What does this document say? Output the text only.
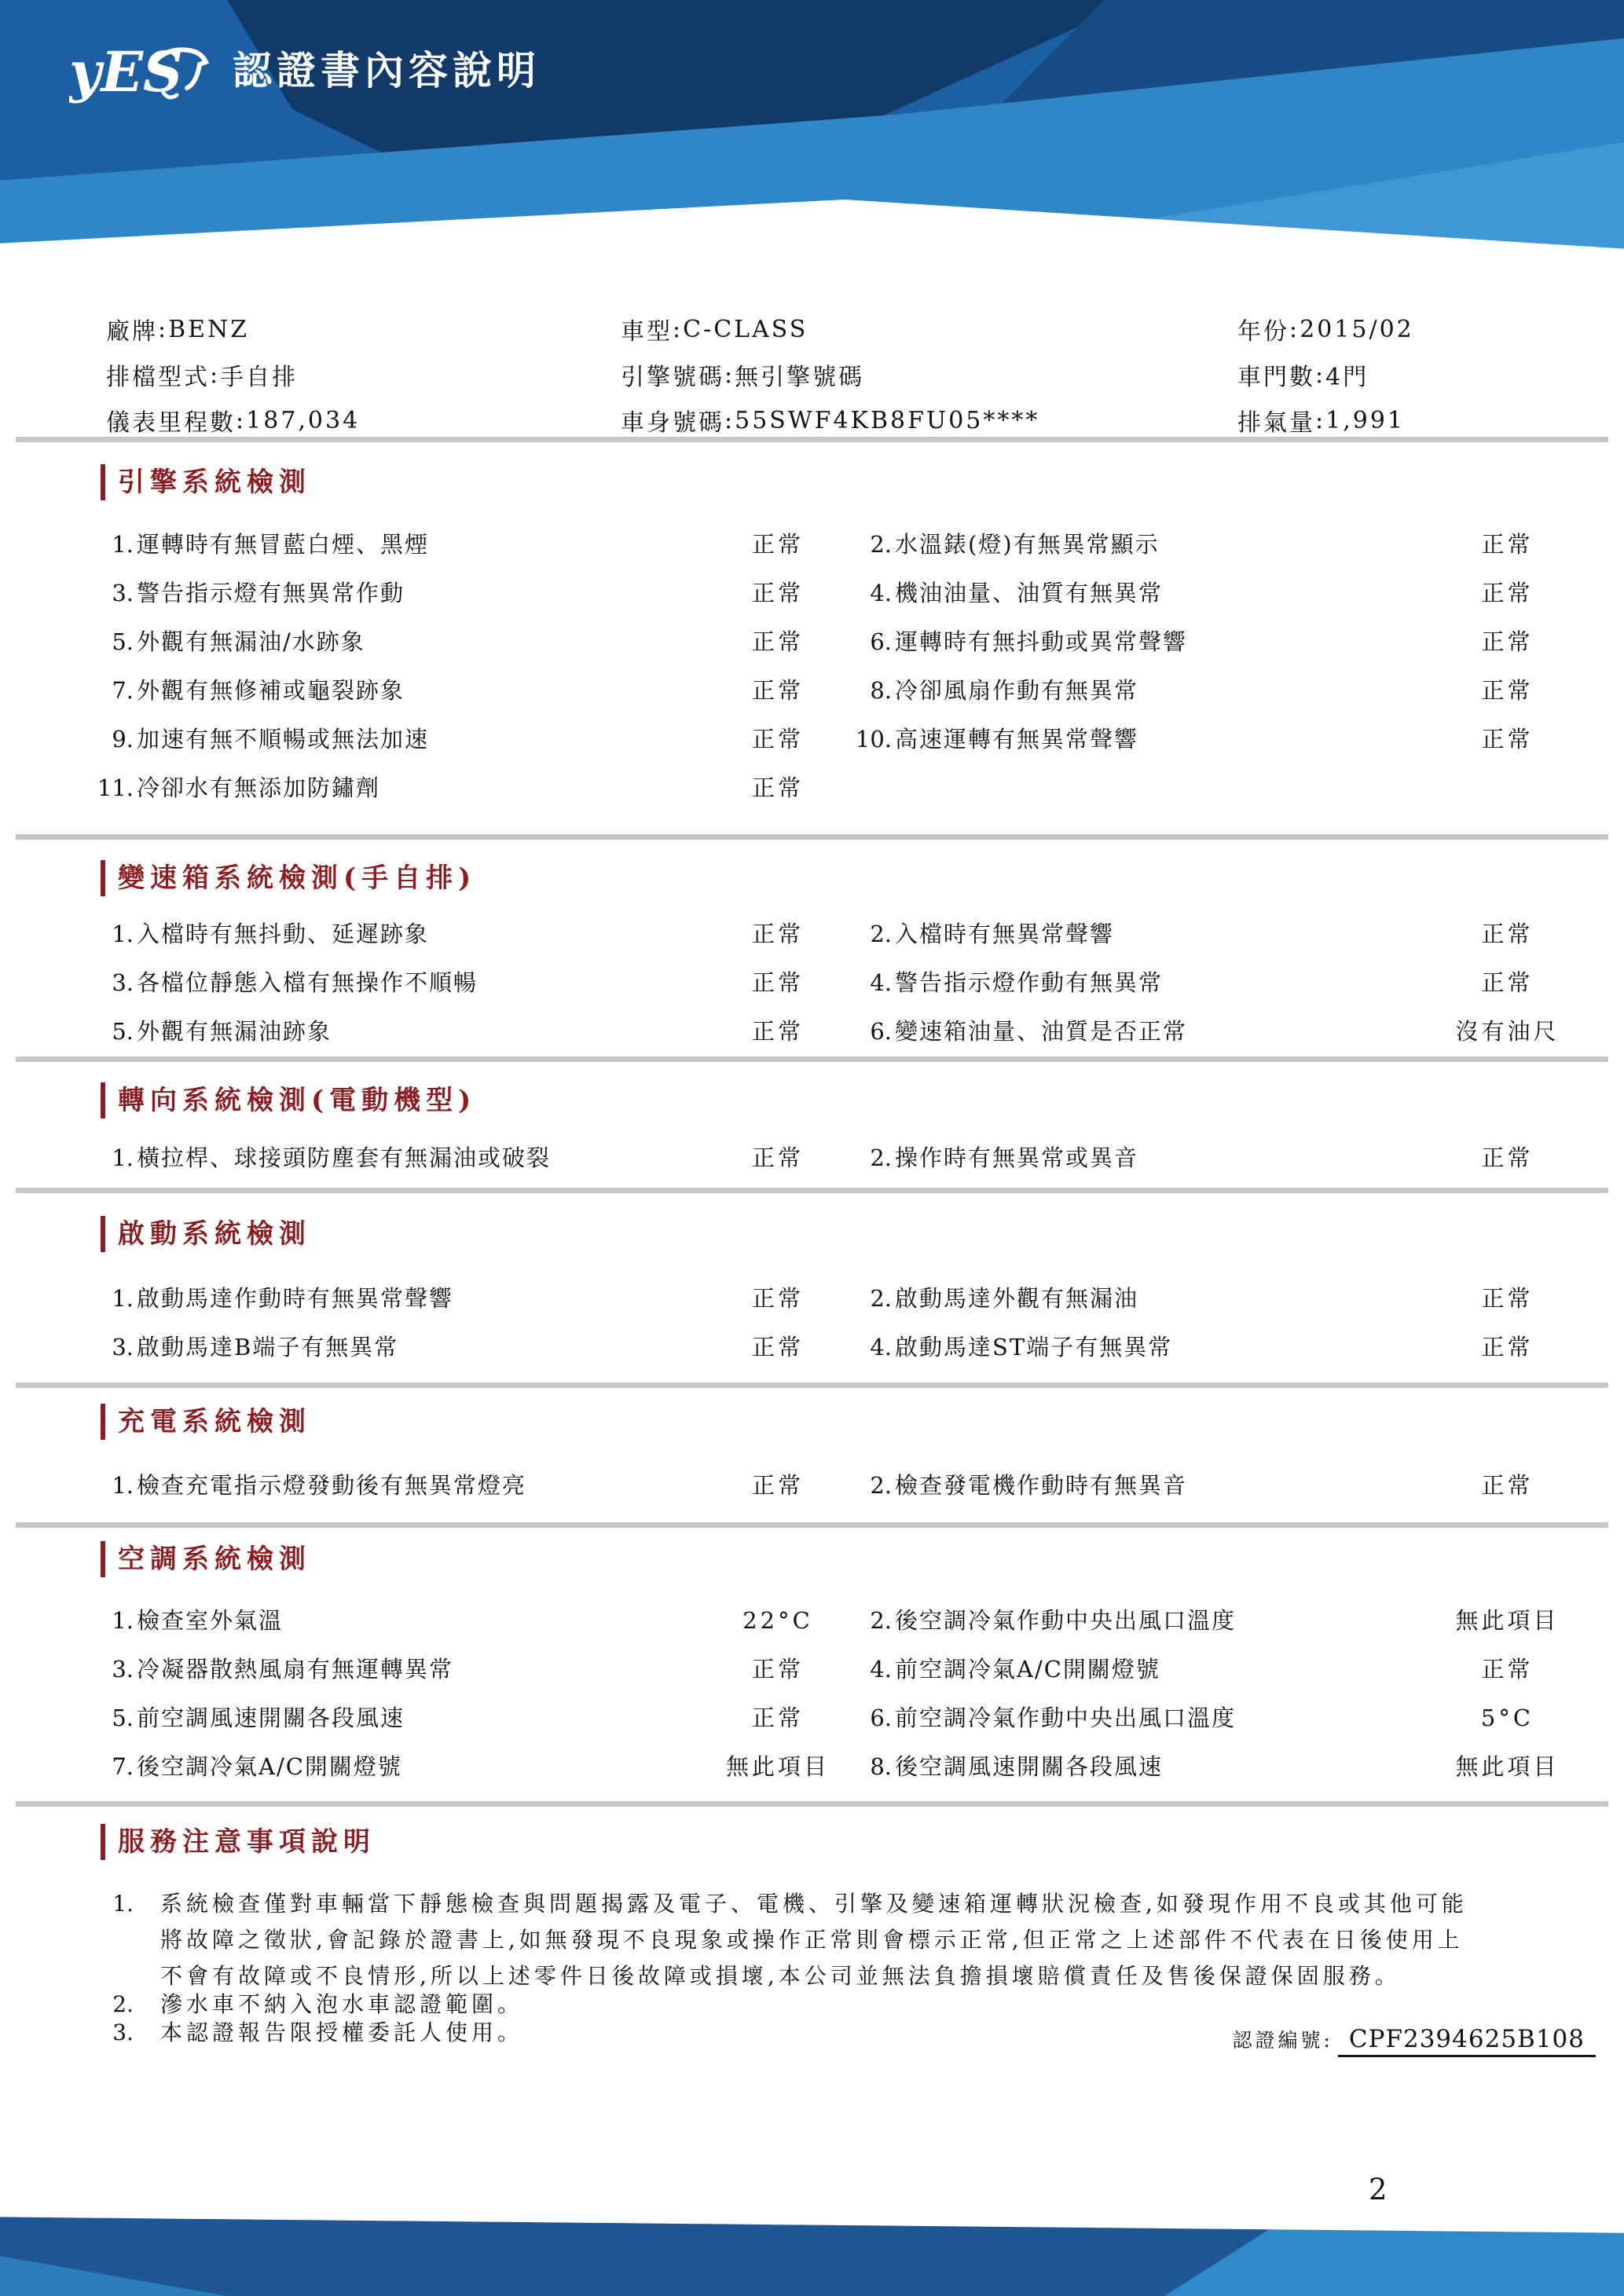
yES 認證書內容說明
廠牌 : BENZ	車型 : C-CLASS	年份 : 2015/02
排檔型式 : 手自排	引擎號碼 : 無引擎號碼	車門數 : 4門
儀表里程數 : 187,034	車身號碼 : 55SWF4KB8FU05****	排氣量 : 1,991
引擎系統檢測
1. 運轉時有無冒藍白煙、黑煙	正常	2. 水溫錶(燈)有無異常顯示	正常
3. 警告指示燈有無異常作動	正常	4. 機油油量、油質有無異常	正常
5. 外觀有無漏油/水跡象	正常	6. 運轉時有無抖動或異常聲響	正常
7. 外觀有無修補或龜裂跡象	正常	8. 冷卻風扇作動有無異常	正常
9. 加速有無不順暢或無法加速	正常	10. 高速運轉有無異常聲響	正常
11. 冷卻水有無添加防鏽劑	正常
變速箱系統檢測(手自排)
1. 入檔時有無抖動、延遲跡象	正常	2. 入檔時有無異常聲響	正常
3. 各檔位靜態入檔有無操作不順暢	正常	4. 警告指示燈作動有無異常	正常
5. 外觀有無漏油跡象	正常	6. 變速箱油量、油質是否正常	沒有油尺
轉向系統檢測(電動機型)
1. 橫拉桿、球接頭防塵套有無漏油或破裂	正常	2. 操作時有無異常或異音	正常
啟動系統檢測
1. 啟動馬達作動時有無異常聲響	正常	2. 啟動馬達外觀有無漏油	正常
3. 啟動馬達B端子有無異常	正常	4. 啟動馬達ST端子有無異常	正常
充電系統檢測
1. 檢查充電指示燈發動後有無異常燈亮	正常	2. 檢查發電機作動時有無異音	正常
空調系統檢測
1. 檢查室外氣溫	22°C	2. 後空調冷氣作動中央出風口溫度	無此項目
3. 冷凝器散熱風扇有無運轉異常	正常	4. 前空調冷氣A/C開關燈號	正常
5. 前空調風速開關各段風速	正常	6. 前空調冷氣作動中央出風口溫度	5°C
7. 後空調冷氣A/C開關燈號	無此項目	8. 後空調風速開關各段風速	無此項目
服務注意事項說明
1. 系統檢查僅對車輛當下靜態檢查與問題揭露及電子、電機、引擎及變速箱運轉狀況檢查,如發現作用不良或其他可能
將故障之徵狀,會記錄於證書上,如無發現不良現象或操作正常則會標示正常,但正常之上述部件不代表在日後使用上
不會有故障或不良情形,所以上述零件日後故障或損壞,本公司並無法負擔損壞賠償責任及售後保證保固服務。
2. 滲水車不納入泡水車認證範圍。
3. 本認證報告限授權委託人使用。	認證編號: CPF2394625B108
2
